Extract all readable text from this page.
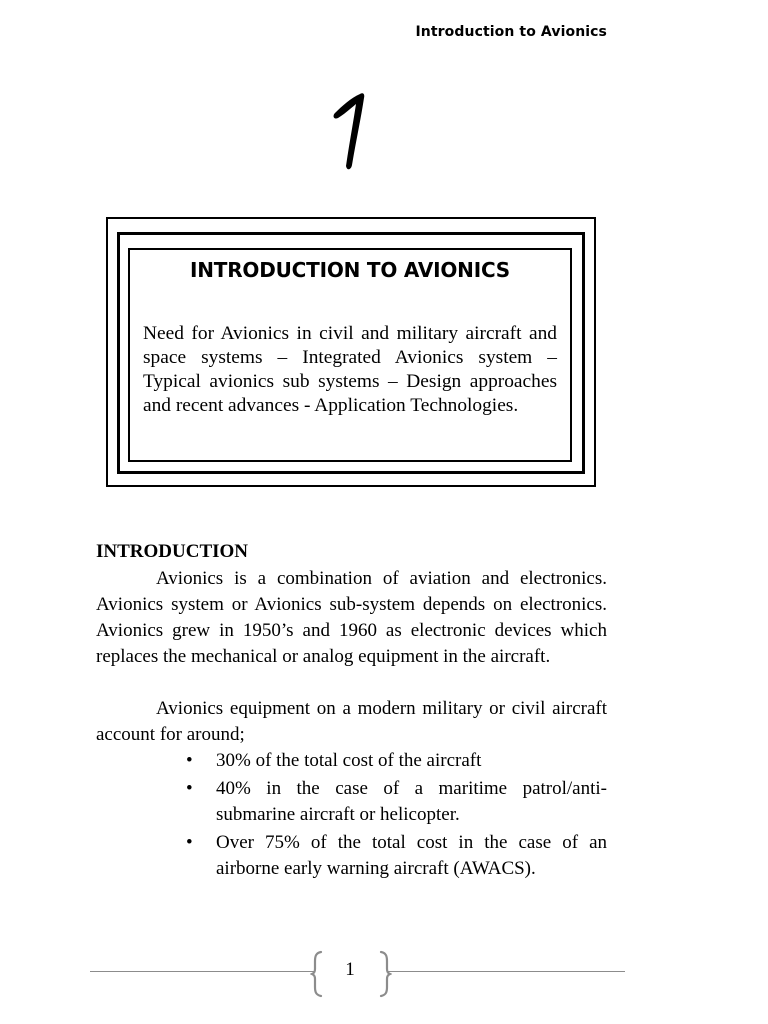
Introduction to Avionics
INTRODUCTION TO AVIONICS
Need for Avionics in civil and military aircraft and space systems – Integrated Avionics system – Typical avionics sub systems – Design approaches and recent advances - Application Technologies.
INTRODUCTION
Avionics is a combination of aviation and electronics. Avionics system or Avionics sub-system depends on electronics. Avionics grew in 1950’s and 1960 as electronic devices which replaces the mechanical or analog equipment in the aircraft.
Avionics equipment on a modern military or civil aircraft account for around;
• 30% of the total cost of the aircraft
• 40% in the case of a maritime patrol/anti-submarine aircraft or helicopter.
• Over 75% of the total cost in the case of an airborne early warning aircraft (AWACS).
1
